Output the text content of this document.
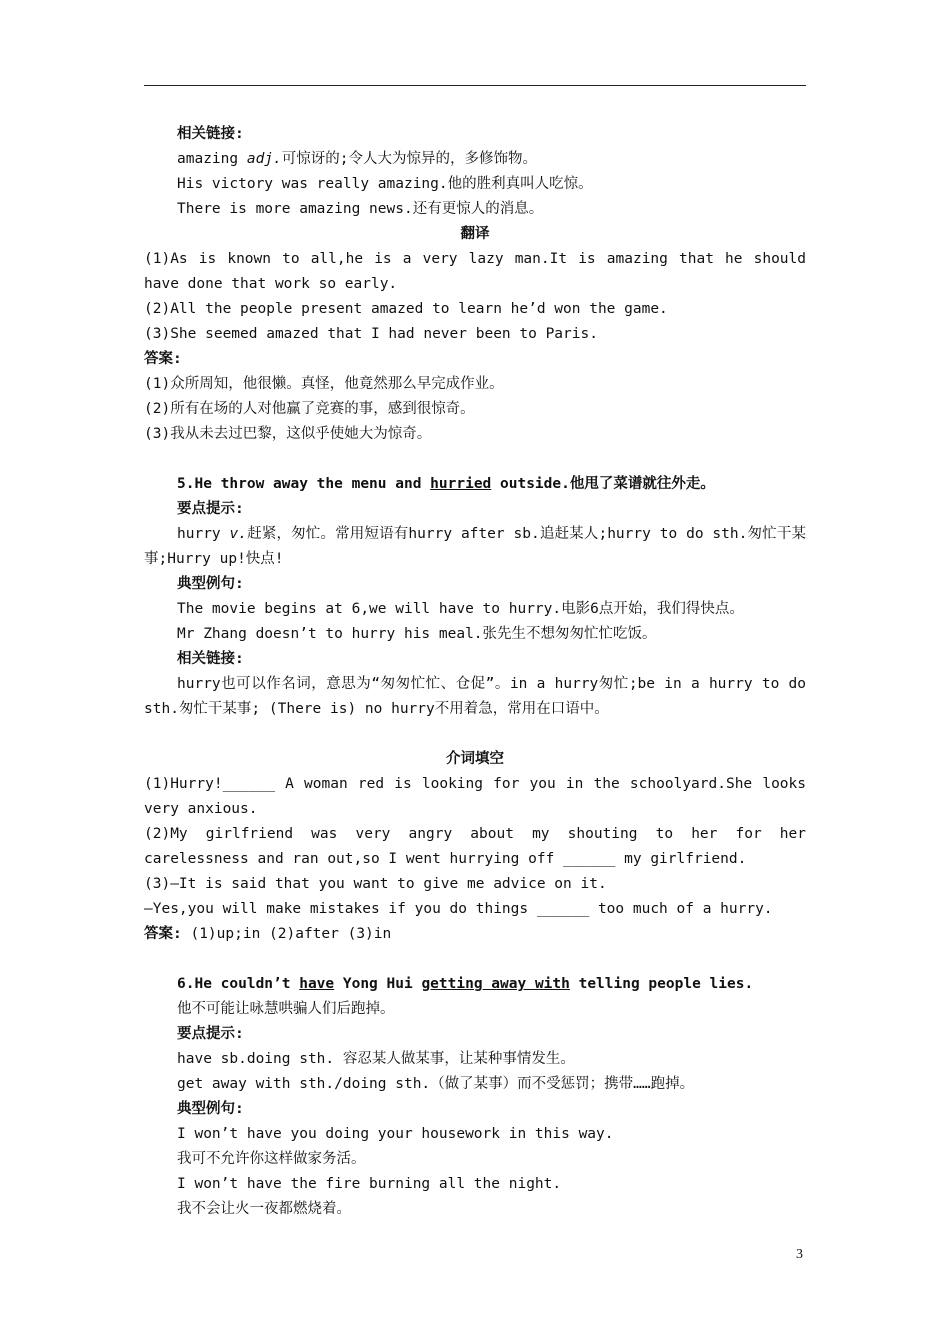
相关链接:
amazing adj.可惊讶的;令人大为惊异的，多修饰物。
His victory was really amazing.他的胜利真叫人吃惊。
There is more amazing news.还有更惊人的消息。
翻译
(1)As is known to all,he is a very lazy man.It is amazing that he should have done that work so early.
(2)All the people present amazed to learn he’d won the game.
(3)She seemed amazed that I had never been to Paris.
答案:
(1)众所周知，他很懒。真怪，他竟然那么早完成作业。
(2)所有在场的人对他赢了竞赛的事，感到很惊奇。
(3)我从未去过巴黎，这似乎使她大为惊奇。
5.He throw away the menu and hurried outside.他甩了菜谱就往外走。
要点提示:
hurry v.赶紧，匆忙。常用短语有hurry after sb.追赶某人;hurry to do sth.匆忙干某事;Hurry up!快点!
典型例句:
The movie begins at 6,we will have to hurry.电影6点开始，我们得快点。
Mr Zhang doesn’t to hurry his meal.张先生不想匆匆忙忙吃饭。
相关链接:
hurry也可以作名词，意思为“匆匆忙忙、仓促”。in a hurry匆忙;be in a hurry to do sth.匆忙干某事; (There is) no hurry不用着急，常用在口语中。
介词填空
(1)Hurry!______ A woman red is looking for you in the schoolyard.She looks very anxious.
(2)My girlfriend was very angry about my shouting to her for her carelessness and ran out,so I went hurrying off ______ my girlfriend.
(3)—It is said that you want to give me advice on it.
—Yes,you will make mistakes if you do things ______ too much of a hurry.
答案: (1)up;in (2)after (3)in
6.He couldn’t have Yong Hui getting away with telling people lies.
他不可能让咏慧哄骗人们后跑掉。
要点提示:
have sb.doing sth. 容忍某人做某事，让某种事情发生。
get away with sth./doing sth.（做了某事）而不受惩罚；携带……跑掉。
典型例句:
I won’t have you doing your housework in this way.
我可不允许你这样做家务活。
I won’t have the fire burning all the night.
我不会让火一夜都燃烧着。
3
